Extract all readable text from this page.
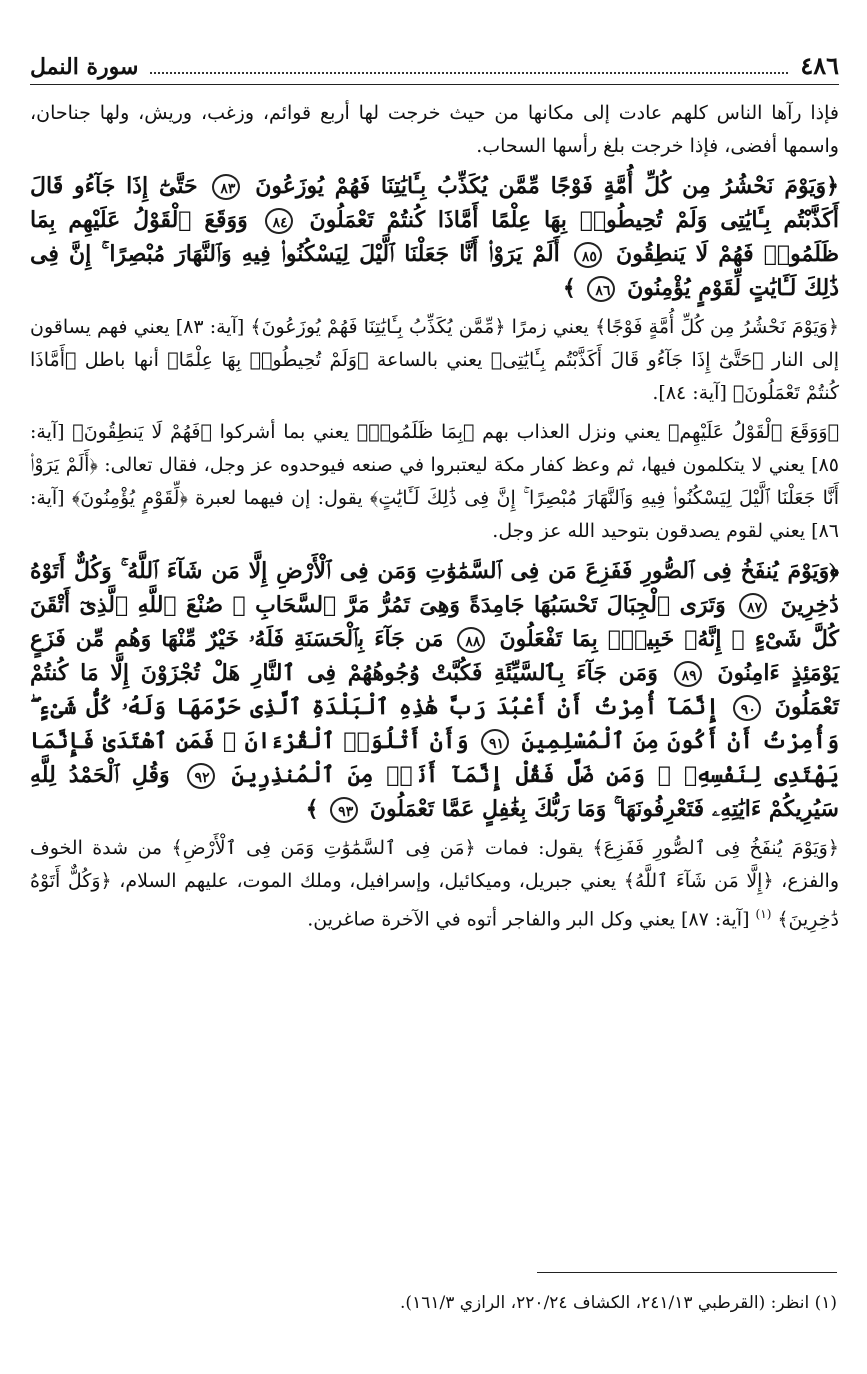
٤٨٦
سورة النمل

فإذا رآها الناس كلهم عادت إلى مكانها من حيث خرجت لها أربع قوائم، وزغب، وريش، ولها جناحان، واسمها أفضى، فإذا خرجت بلغ رأسها السحاب.

﴿وَيَوْمَ نَحْشُرُ مِن كُلِّ أُمَّةٍ فَوْجًا مِّمَّن يُكَذِّبُ بِـَٔايَٰتِنَا فَهُمْ يُوزَعُونَ ٨٣ حَتَّىٰٓ إِذَا جَآءُو قَالَ أَكَذَّبْتُم بِـَٔايَٰتِى وَلَمْ تُحِيطُوا۟ بِهَا عِلْمًا أَمَّاذَا كُنتُمْ تَعْمَلُونَ ٨٤ وَوَقَعَ ٱلْقَوْلُ عَلَيْهِم بِمَا ظَلَمُوا۟ فَهُمْ لَا يَنطِقُونَ ٨٥ أَلَمْ يَرَوْا۟ أَنَّا جَعَلْنَا ٱلَّيْلَ لِيَسْكُنُوا۟ فِيهِ وَٱلنَّهَارَ مُبْصِرًا ۚ إِنَّ فِى ذَٰلِكَ لَـَٔايَٰتٍ لِّقَوْمٍ يُؤْمِنُونَ ٨٦ ﴾

﴿وَيَوْمَ نَحْشُرُ مِن كُلِّ أُمَّةٍ فَوْجًا﴾ يعني زمرًا ﴿مِّمَّن يُكَذِّبُ بِـَٔايَٰتِنَا فَهُمْ يُوزَعُونَ﴾ [آية: ٨٣] يعني فهم يساقون إلى النار ﴿حَتَّىٰٓ إِذَا جَآءُو قَالَ أَكَذَّبْتُم بِـَٔايَٰتِى﴾ يعني بالساعة ﴿وَلَمْ تُحِيطُوا۟ بِهَا عِلْمًا﴾ أنها باطل ﴿أَمَّاذَا كُنتُمْ تَعْمَلُونَ﴾ [آية: ٨٤].

﴿وَوَقَعَ ٱلْقَوْلُ عَلَيْهِم﴾ يعني ونزل العذاب بهم ﴿بِمَا ظَلَمُوا۟﴾ يعني بما أشركوا ﴿فَهُمْ لَا يَنطِقُونَ﴾ [آية: ٨٥] يعني لا يتكلمون فيها، ثم وعظ كفار مكة ليعتبروا في صنعه فيوحدوه عز وجل، فقال تعالى: ﴿أَلَمْ يَرَوْا۟ أَنَّا جَعَلْنَا ٱلَّيْلَ لِيَسْكُنُوا۟ فِيهِ وَٱلنَّهَارَ مُبْصِرًا ۚ إِنَّ فِى ذَٰلِكَ لَـَٔايَٰتٍ﴾ يقول: إن فيهما لعبرة ﴿لِّقَوْمٍ يُؤْمِنُونَ﴾ [آية: ٨٦] يعني لقوم يصدقون بتوحيد الله عز وجل.

﴿وَيَوْمَ يُنفَخُ فِى ٱلصُّورِ فَفَزِعَ مَن فِى ٱلسَّمَٰوَٰتِ وَمَن فِى ٱلْأَرْضِ إِلَّا مَن شَآءَ ٱللَّهُ ۚ وَكُلٌّ أَتَوْهُ دَٰخِرِينَ ٨٧ وَتَرَى ٱلْجِبَالَ تَحْسَبُهَا جَامِدَةً وَهِىَ تَمُرُّ مَرَّ ٱلسَّحَابِ ۚ صُنْعَ ٱللَّهِ ٱلَّذِىٓ أَتْقَنَ كُلَّ شَىْءٍ ۚ إِنَّهُۥ خَبِيرٌۢ بِمَا تَفْعَلُونَ ٨٨ مَن جَآءَ بِٱلْحَسَنَةِ فَلَهُۥ خَيْرٌ مِّنْهَا وَهُم مِّن فَزَعٍ يَوْمَئِذٍ ءَامِنُونَ ٨٩ وَمَن جَآءَ بِٱلسَّيِّئَةِ فَكُبَّتْ وُجُوهُهُمْ فِى ٱلنَّارِ هَلْ تُجْزَوْنَ إِلَّا مَا كُنتُمْ تَعْمَلُونَ ٩٠ إِنَّمَآ أُمِرْتُ أَنْ أَعْبُدَ رَبَّ هَٰذِهِ ٱلْبَلْدَةِ ٱلَّذِى حَرَّمَهَا وَلَهُۥ كُلُّ شَىْءٍ ۖ وَأُمِرْتُ أَنْ أَكُونَ مِنَ ٱلْمُسْلِمِينَ ٩١ وَأَنْ أَتْلُوَا۟ ٱلْقُرْءَانَ ۖ فَمَنِ ٱهْتَدَىٰ فَإِنَّمَا يَهْتَدِى لِنَفْسِهِۦ ۖ وَمَن ضَلَّ فَقُلْ إِنَّمَآ أَنَا۠ مِنَ ٱلْمُنذِرِينَ ٩٢ وَقُلِ ٱلْحَمْدُ لِلَّهِ سَيُرِيكُمْ ءَايَٰتِهِۦ فَتَعْرِفُونَهَا ۚ وَمَا رَبُّكَ بِغَٰفِلٍ عَمَّا تَعْمَلُونَ ٩٣ ﴾

﴿وَيَوْمَ يُنفَخُ فِى ٱلصُّورِ فَفَزِعَ﴾ يقول: فمات ﴿مَن فِى ٱلسَّمَٰوَٰتِ وَمَن فِى ٱلْأَرْضِ﴾ من شدة الخوف والفزع، ﴿إِلَّا مَن شَآءَ ٱللَّهُ﴾ يعني جبريل، وميكائيل، وإسرافيل، وملك الموت، عليهم السلام، ﴿وَكُلٌّ أَتَوْهُ دَٰخِرِينَ﴾ $^{(١)}$ [آية: ٨٧] يعني وكل البر والفاجر أتوه في الآخرة صاغرين.

(١) انظر: (القرطبي ٢٤١/١٣، الكشاف ٢٢٠/٢٤، الرازي ١٦١/٣).
